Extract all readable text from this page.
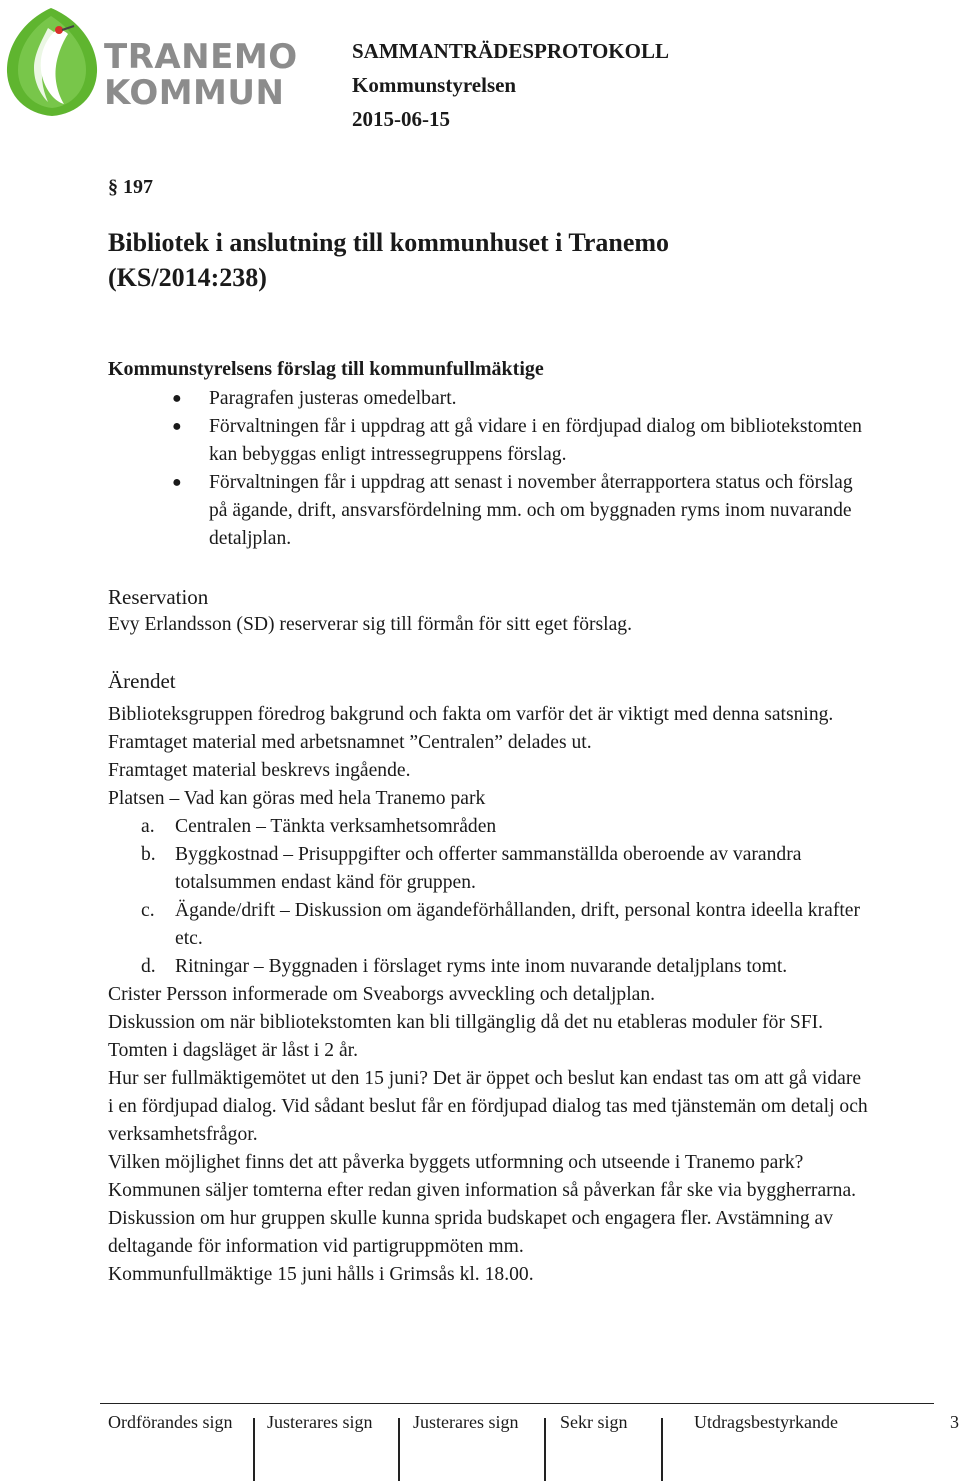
TRANEMO
KOMMUN
SAMMANTRÄDESPROTOKOLL
Kommunstyrelsen
2015-06-15
§ 197
Bibliotek i anslutning till kommunhuset i Tranemo
(KS/2014:238)
Kommunstyrelsens förslag till kommunfullmäktige
● Paragrafen justeras omedelbart.
● Förvaltningen får i uppdrag att gå vidare i en fördjupad dialog om bibliotekstomten kan bebyggas enligt intressegruppens förslag.
● Förvaltningen får i uppdrag att senast i november återrapportera status och förslag på ägande, drift, ansvarsfördelning mm. och om byggnaden ryms inom nuvarande detaljplan.
Reservation
Evy Erlandsson (SD) reserverar sig till förmån för sitt eget förslag.
Ärendet
Biblioteksgruppen föredrog bakgrund och fakta om varför det är viktigt med denna satsning. Framtaget material med arbetsnamnet ”Centralen” delades ut.
Framtaget material beskrevs ingående.
Platsen – Vad kan göras med hela Tranemo park
a. Centralen – Tänkta verksamhetsområden
b. Byggkostnad – Prisuppgifter och offerter sammanställda oberoende av varandra totalsummen endast känd för gruppen.
c. Ägande/drift – Diskussion om ägandeförhållanden, drift, personal kontra ideella krafter etc.
d. Ritningar – Byggnaden i förslaget ryms inte inom nuvarande detaljplans tomt.
Crister Persson informerade om Sveaborgs avveckling och detaljplan.
Diskussion om när bibliotekstomten kan bli tillgänglig då det nu etableras moduler för SFI. Tomten i dagsläget är låst i 2 år.
Hur ser fullmäktigemötet ut den 15 juni? Det är öppet och beslut kan endast tas om att gå vidare i en fördjupad dialog. Vid sådant beslut får en fördjupad dialog tas med tjänstemän om detalj och verksamhetsfrågor.
Vilken möjlighet finns det att påverka byggets utformning och utseende i Tranemo park? Kommunen säljer tomterna efter redan given information så påverkan får ske via byggherrarna. Diskussion om hur gruppen skulle kunna sprida budskapet och engagera fler. Avstämning av deltagande för information vid partigruppmöten mm.
Kommunfullmäktige 15 juni hålls i Grimsås kl. 18.00.
Ordförandes sign Justerares sign Justerares sign Sekr sign	Utdragsbestyrkande	3
